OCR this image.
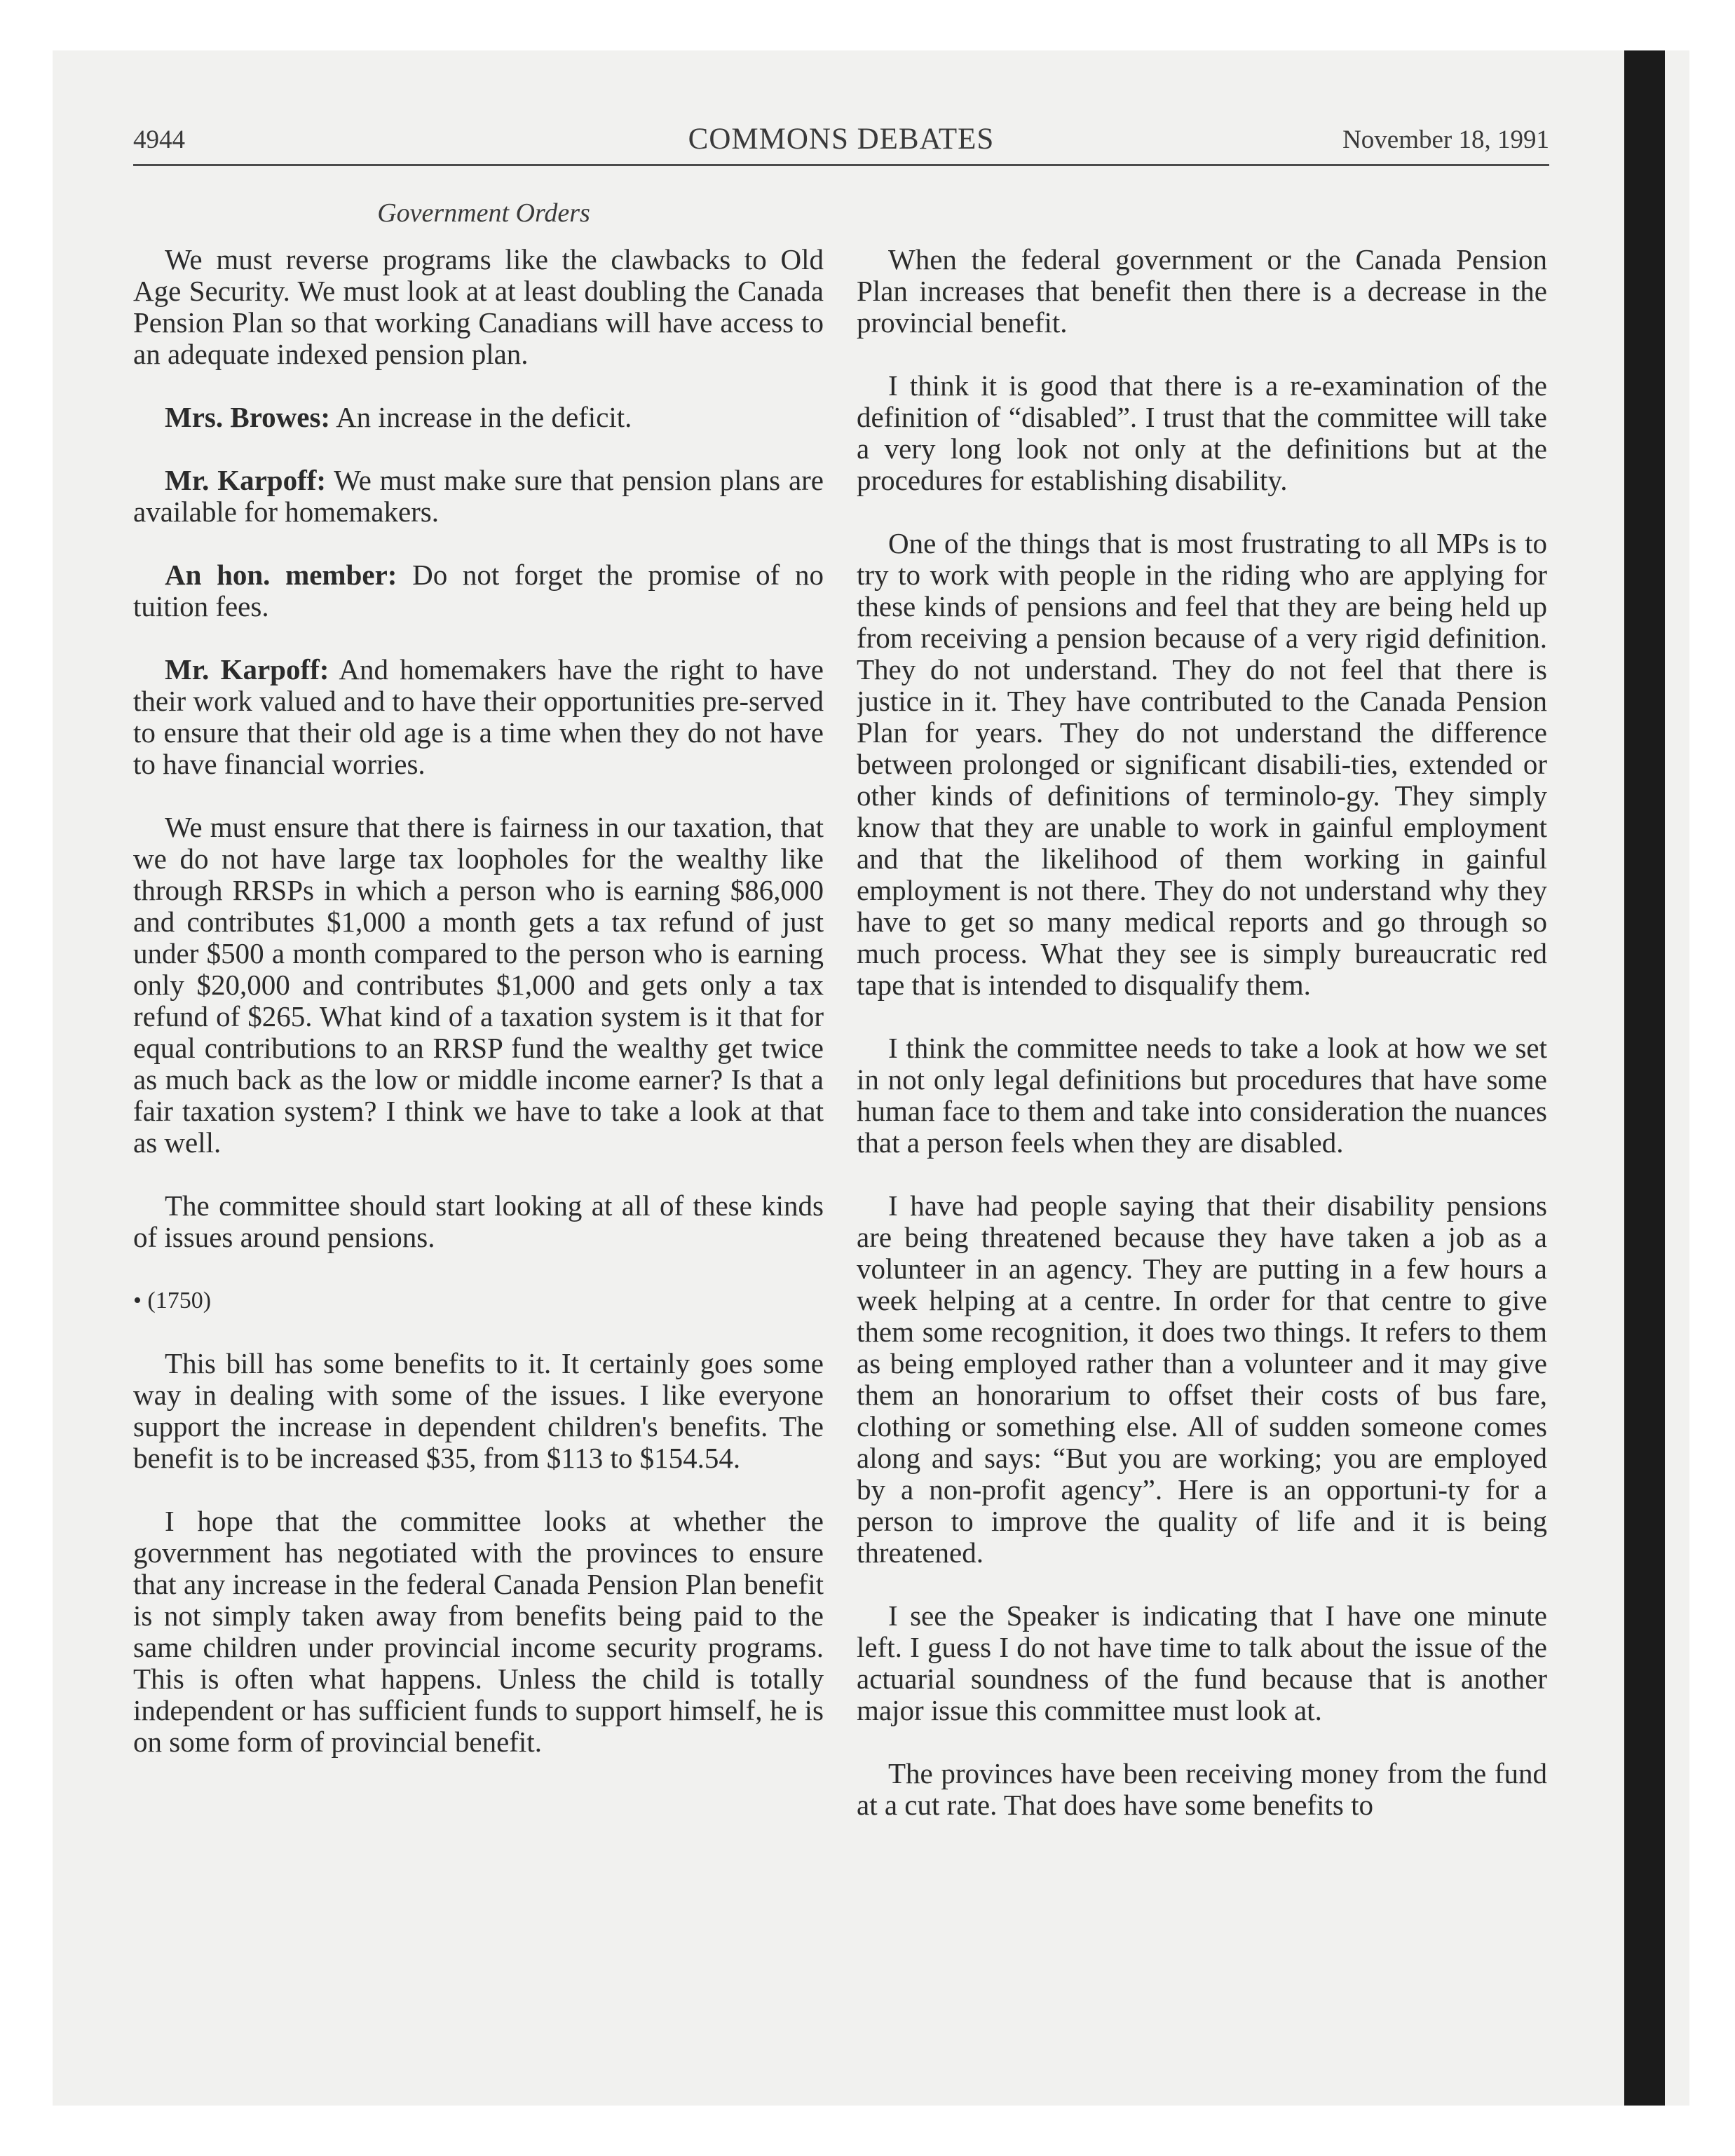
4944	COMMONS DEBATES	November 18, 1991
Government Orders

We must reverse programs like the clawbacks to Old Age Security. We must look at at least doubling the Canada Pension Plan so that working Canadians will have access to an adequate indexed pension plan.

Mrs. Browes: An increase in the deficit.

Mr. Karpoff: We must make sure that pension plans are available for homemakers.

An hon. member: Do not forget the promise of no tuition fees.

Mr. Karpoff: And homemakers have the right to have their work valued and to have their opportunities pre-served to ensure that their old age is a time when they do not have to have financial worries.

We must ensure that there is fairness in our taxation, that we do not have large tax loopholes for the wealthy like through RRSPs in which a person who is earning $86,000 and contributes $1,000 a month gets a tax refund of just under $500 a month compared to the person who is earning only $20,000 and contributes $1,000 and gets only a tax refund of $265. What kind of a taxation system is it that for equal contributions to an RRSP fund the wealthy get twice as much back as the low or middle income earner? Is that a fair taxation system? I think we have to take a look at that as well.

The committee should start looking at all of these kinds of issues around pensions.

• (1750)

This bill has some benefits to it. It certainly goes some way in dealing with some of the issues. I like everyone support the increase in dependent children's benefits. The benefit is to be increased $35, from $113 to $154.54.

I hope that the committee looks at whether the government has negotiated with the provinces to ensure that any increase in the federal Canada Pension Plan benefit is not simply taken away from benefits being paid to the same children under provincial income security programs. This is often what happens. Unless the child is totally independent or has sufficient funds to support himself, he is on some form of provincial benefit.

When the federal government or the Canada Pension Plan increases that benefit then there is a decrease in the provincial benefit.

I think it is good that there is a re-examination of the definition of “disabled”. I trust that the committee will take a very long look not only at the definitions but at the procedures for establishing disability.

One of the things that is most frustrating to all MPs is to try to work with people in the riding who are applying for these kinds of pensions and feel that they are being held up from receiving a pension because of a very rigid definition. They do not understand. They do not feel that there is justice in it. They have contributed to the Canada Pension Plan for years. They do not understand the difference between prolonged or significant disabili-ties, extended or other kinds of definitions of terminolo-gy. They simply know that they are unable to work in gainful employment and that the likelihood of them working in gainful employment is not there. They do not understand why they have to get so many medical reports and go through so much process. What they see is simply bureaucratic red tape that is intended to disqualify them.

I think the committee needs to take a look at how we set in not only legal definitions but procedures that have some human face to them and take into consideration the nuances that a person feels when they are disabled.

I have had people saying that their disability pensions are being threatened because they have taken a job as a volunteer in an agency. They are putting in a few hours a week helping at a centre. In order for that centre to give them some recognition, it does two things. It refers to them as being employed rather than a volunteer and it may give them an honorarium to offset their costs of bus fare, clothing or something else. All of sudden someone comes along and says: “But you are working; you are employed by a non-profit agency”. Here is an opportuni-ty for a person to improve the quality of life and it is being threatened.

I see the Speaker is indicating that I have one minute left. I guess I do not have time to talk about the issue of the actuarial soundness of the fund because that is another major issue this committee must look at.

The provinces have been receiving money from the fund at a cut rate. That does have some benefits to
